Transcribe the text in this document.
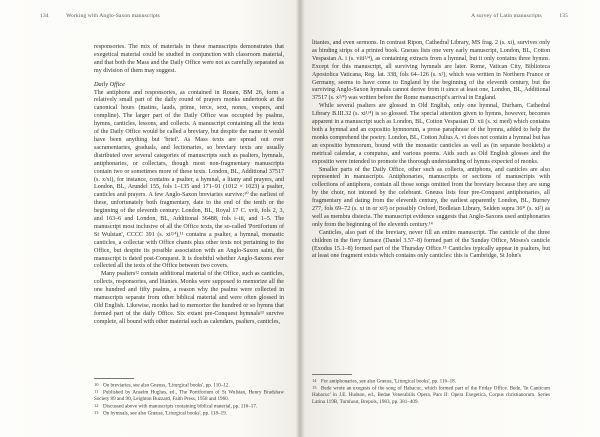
134	Working with Anglo-Saxon manuscripts

responsories. The mix of materials in these manuscripts demonstrates that exegetical material could be studied in conjunction with classroom material, and that both the Mass and the Daily Office were not as carefully separated as my division of them may suggest.

Daily Office

The antiphons and responsories, as contained in Rouen, BM 26, form a relatively small part of the daily round of prayers monks undertook at the canonical hours (matins, lauds, prime, terce, sext, nones, vespers, and compline). The larger part of the Daily Office was occupied by psalms, hymns, canticles, lessons, and collects. A manuscript containing all the texts of the Daily Office would be called a breviary, but despite the name it would have been anything but 'brief'. As Mass texts are spread out over sacramentaries, graduals, and lectionaries, so breviary texts are usually distributed over several categories of manuscripts such as psalters, hymnals, antiphonaries, or collectars, though most non-fragmentary manuscripts contain two or sometimes more of these texts. London, BL, Additional 37517 (s. x/xi), for instance, contains a psalter, a hymnal, a litany and prayers, and London, BL, Arundel 155, fols 1–135 and 171–91 (1012 × 1023) a psalter, canticles and prayers. A few Anglo-Saxon breviaries survive;¹⁰ the earliest of these, unfortunately both fragmentary, date to the end of the tenth or the beginning of the eleventh century: London, BL, Royal 17 C. xvii, fols 2, 3, and 163–6 and London, BL, Additional 36488, fols i–iii, and 1–5. The manuscript most inclusive of all the Office texts, the so-called 'Portiforium of St Wulstan', CCCC 391 (s. xi²/⁴),¹¹ contains a psalter, a hymnal, monastic canticles, a collectar with Office chants plus other texts not pertaining to the Office, but despite its possible association with an Anglo-Saxon saint, the manuscript is dated post-Conquest. It is doubtful whether Anglo-Saxons ever collected all the texts of the Office between two covers.

Many psalters¹² contain additional material of the Office, such as canticles, collects, responsories, and litanies. Monks were supposed to memorize all the one hundred and fifty psalms, a reason why the psalms were collected in manuscripts separate from other biblical material and were often glossed in Old English. Likewise, monks had to memorize the hundred or so hymns that formed part of the daily Office. Six extant pre-Conquest hymnals¹³ survive complete, all bound with other material such as calendars, psalters, canticles,

10 On breviaries, see also Gneuss, 'Liturgical books', pp. 110–12.

11 Published by Anselm Hughes, ed., The Portiforium of St Wulstan, Henry Bradshaw Society 89 and 90, Leighton Buzzard, Faith Press, 1958 and 1960.

12 Discussed above with manuscripts containing biblical material, pp. 116–17.

13 On hymnals, see also Gneuss, 'Liturgical books', pp. 118–19.

A survey of Latin manuscripts	135

litanies, and even sermons. In contrast Ripon, Cathedral Library, MS frag. 2 (s. xi), survives only as binding strips of a printed book. Gneuss lists one very early manuscript, London, BL, Cotton Vespasian A. i (s. viii²/⁴), as containing extracts from a hymnal, but it only contains three hymns. Except for this manuscript, all surviving hymnals are later. Rome, Vatican City, Biblioteca Apostolica Vaticana, Reg. lat. 338, fols 64–126 (s. x²), which was written in Northern France or Germany, seems to have come to England by the beginning of the eleventh century, but the surviving Anglo-Saxon hymnals cannot derive from it since at least one, London, BL, Additional 37517 (s. x²/⁴) was written before the Rome manuscript's arrival in England.

While several psalters are glossed in Old English, only one hymnal, Durham, Cathedral Library B.III.32 (s. xi¹/⁴) is so glossed. The special attention given to hymns, however, becomes apparent in a manuscript such as London, BL, Cotton Vespasian D. xii (s. xi med) which contains both a hymnal and an expositio hymnorum, a prose paraphrase of the hymns, added to help the monks comprehend the poetry. London, BL, Cotton Julius A. vi does not contain a hymnal but has an expositio hymnorum, bound with the monastic canticles as well as (in separate booklets) a metrical calendar, a computus, and various poems. Aids such as Old English glosses and the expositio were intended to promote the thorough understanding of hymns expected of monks.

Smaller parts of the Daily Office, other such as collects, antiphons, and canticles are also represented in manuscripts. Antiphonaries, manuscripts or sections of manuscripts with collections of antiphons, contain all those songs omitted from the breviary because they are sung by the choir, not intoned by the celebrant. Gneuss lists four pre-Conquest antiphonaries, all fragmentary and dating from the eleventh century, the earliest apparently London, BL, Burney 277, fols 69–72 (s. xi in or xi²) or possibly Oxford, Bodleian Library, Selden supra 36* (s. xi²) as well as membra disiecta. The manuscript evidence suggests that Anglo-Saxons used antiphonaries only from the beginning of the eleventh century.¹⁴

Canticles, also part of the breviary, never fill an entire manuscript. The canticle of the three children in the fiery furnace (Daniel 3.57–8) formed part of the Sunday Office, Moses's canticle (Exodus 15.1–8) formed part of the Thursday Office.¹⁵ Canticles typically appear in psalters, but at least one fragment exists which contains only canticles: this is Cambridge, St John's

14 For antiphonaries, see also Gneuss, 'Liturgical books', pp. 116–18.

15 Bede wrote an exegesis of the song of Habacuc, which formed part of the Friday Office. Bede, 'In Canticum Habacuc' in J.E. Hudson, ed., Bedae Venerabilis Opera, Pars II: Opera Exegetica, Corpus christianorum. Series Latina 119B, Turnhout, Brepols, 1983, pp. 381–409.
